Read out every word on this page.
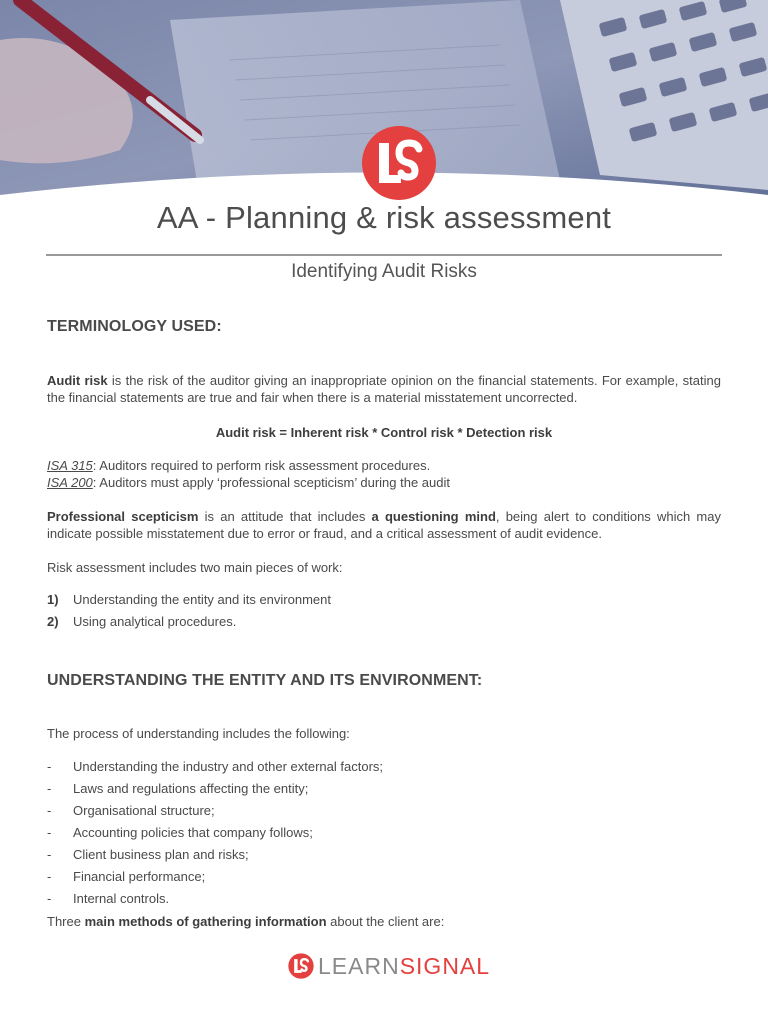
AA - Planning & risk assessment
Identifying Audit Risks
TERMINOLOGY USED:
Audit risk is the risk of the auditor giving an inappropriate opinion on the financial statements. For example, stating the financial statements are true and fair when there is a material misstatement uncorrected.
Audit risk = Inherent risk * Control risk * Detection risk
ISA 315: Auditors required to perform risk assessment procedures.
ISA 200: Auditors must apply ‘professional scepticism’ during the audit
Professional scepticism is an attitude that includes a questioning mind, being alert to conditions which may indicate possible misstatement due to error or fraud, and a critical assessment of audit evidence.
Risk assessment includes two main pieces of work:
1)	Understanding the entity and its environment
2)	Using analytical procedures.
UNDERSTANDING THE ENTITY AND ITS ENVIRONMENT:
The process of understanding includes the following:
-	Understanding the industry and other external factors;
-	Laws and regulations affecting the entity;
-	Organisational structure;
-	Accounting policies that company follows;
-	Client business plan and risks;
-	Financial performance;
-	Internal controls.
Three main methods of gathering information about the client are:
LEARNSIGNAL
